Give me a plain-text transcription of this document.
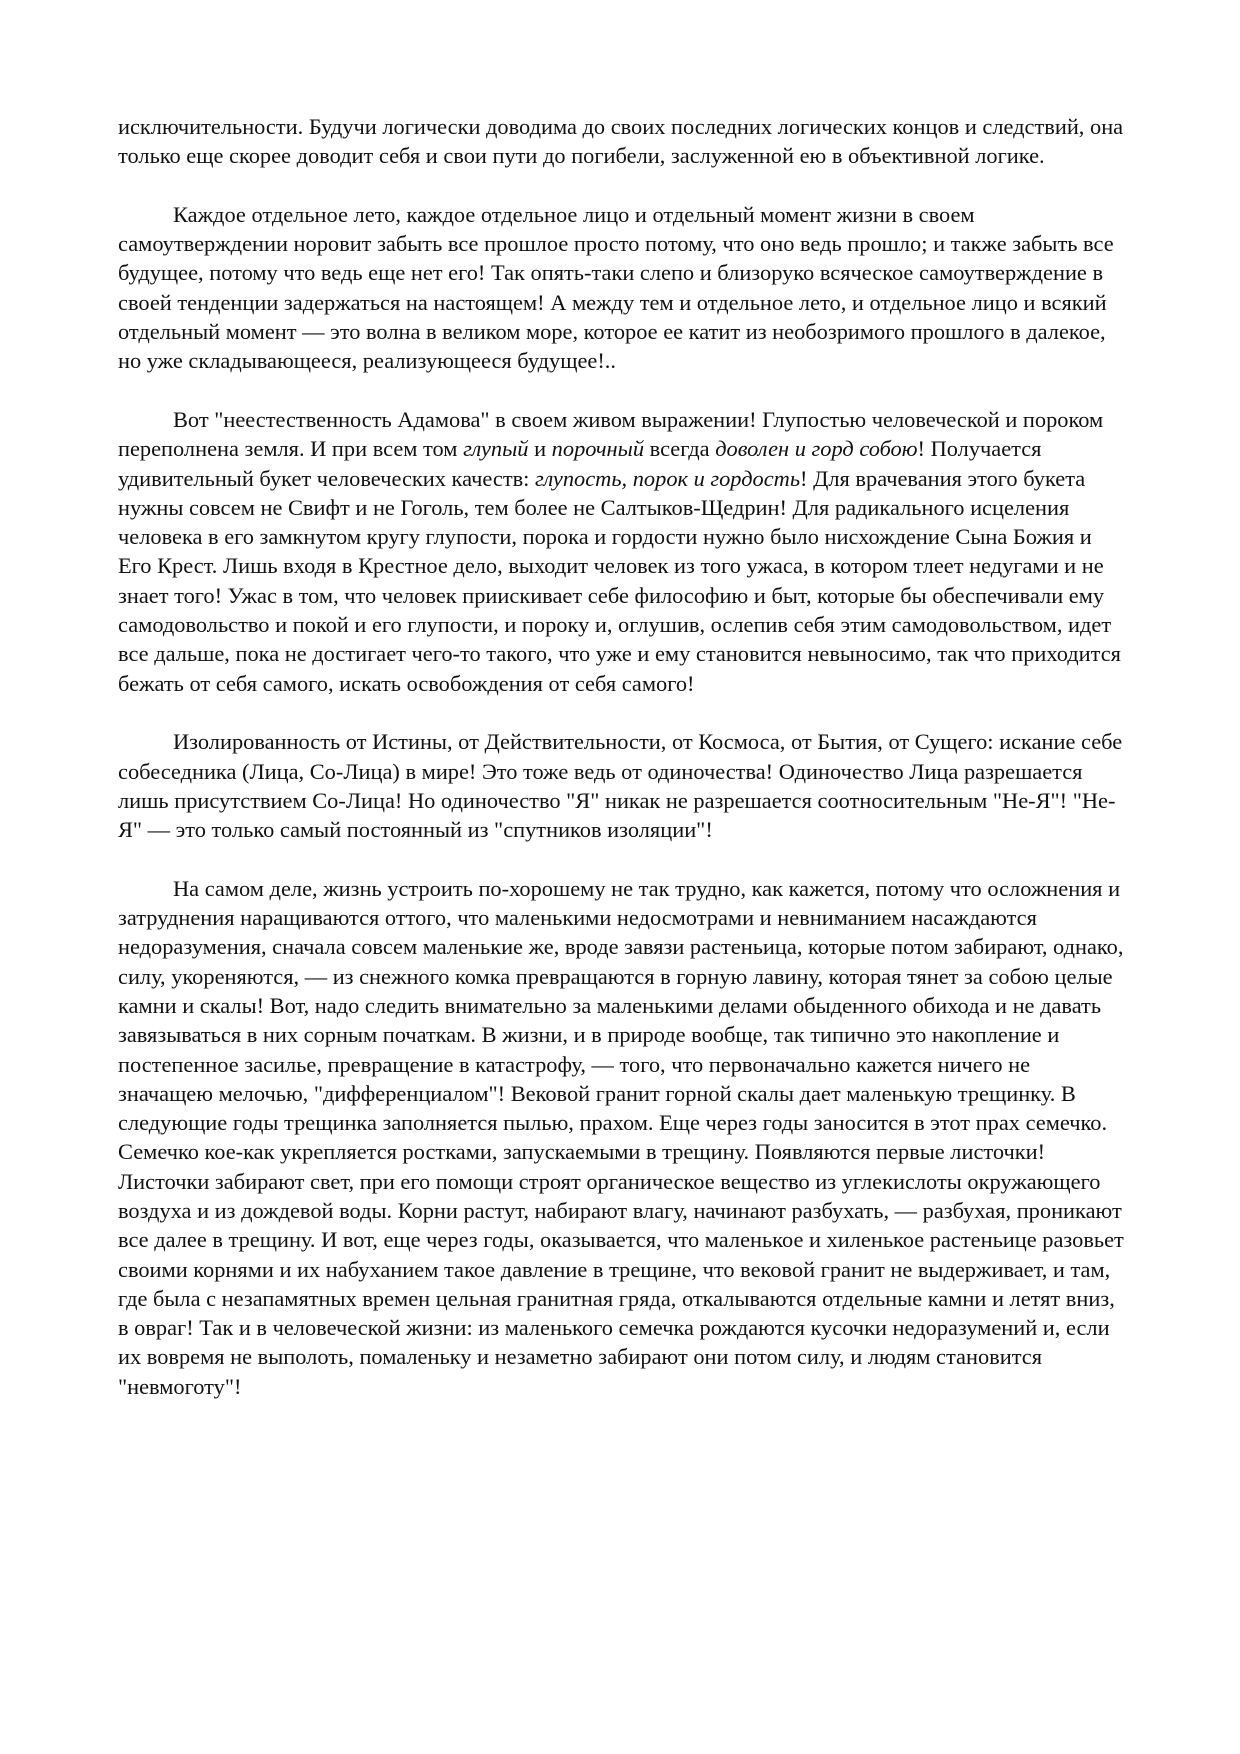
исключительности. Будучи логически доводима до своих последних логических концов и следствий, она только еще скорее доводит себя и свои пути до погибели, заслуженной ею в объективной логике.

Каждое отдельное лето, каждое отдельное лицо и отдельный момент жизни в своем самоутверждении норовит забыть все прошлое просто потому, что оно ведь прошло; и также забыть все будущее, потому что ведь еще нет его! Так опять-таки слепо и близоруко всяческое самоутверждение в своей тенденции задержаться на настоящем! А между тем и отдельное лето, и отдельное лицо и всякий отдельный момент — это волна в великом море, которое ее катит из необозримого прошлого в далекое, но уже складывающееся, реализующееся будущее!..

Вот "неестественность Адамова" в своем живом выражении! Глупостью человеческой и пороком переполнена земля. И при всем том глупый и порочный всегда доволен и горд собою! Получается удивительный букет человеческих качеств: глупость, порок и гордость! Для врачевания этого букета нужны совсем не Свифт и не Гоголь, тем более не Салтыков-Щедрин! Для радикального исцеления человека в его замкнутом кругу глупости, порока и гордости нужно было нисхождение Сына Божия и Его Крест. Лишь входя в Крестное дело, выходит человек из того ужаса, в котором тлеет недугами и не знает того! Ужас в том, что человек приискивает себе философию и быт, которые бы обеспечивали ему самодовольство и покой и его глупости, и пороку и, оглушив, ослепив себя этим самодовольством, идет все дальше, пока не достигает чего-то такого, что уже и ему становится невыносимо, так что приходится бежать от себя самого, искать освобождения от себя самого!

Изолированность от Истины, от Действительности, от Космоса, от Бытия, от Сущего: искание себе собеседника (Лица, Со-Лица) в мире! Это тоже ведь от одиночества! Одиночество Лица разрешается лишь присутствием Со-Лица! Но одиночество "Я" никак не разрешается соотносительным "Не-Я"! "Не-Я" — это только самый постоянный из "спутников изоляции"!

На самом деле, жизнь устроить по-хорошему не так трудно, как кажется, потому что осложнения и затруднения наращиваются оттого, что маленькими недосмотрами и невниманием насаждаются недоразумения, сначала совсем маленькие же, вроде завязи растеньица, которые потом забирают, однако, силу, укореняются, — из снежного комка превращаются в горную лавину, которая тянет за собою целые камни и скалы! Вот, надо следить внимательно за маленькими делами обыденного обихода и не давать завязываться в них сорным початкам. В жизни, и в природе вообще, так типично это накопление и постепенное засилье, превращение в катастрофу, — того, что первоначально кажется ничего не значащею мелочью, "дифференциалом"! Вековой гранит горной скалы дает маленькую трещинку. В следующие годы трещинка заполняется пылью, прахом. Еще через годы заносится в этот прах семечко. Семечко кое-как укрепляется ростками, запускаемыми в трещину. Появляются первые листочки! Листочки забирают свет, при его помощи строят органическое вещество из углекислоты окружающего воздуха и из дождевой воды. Корни растут, набирают влагу, начинают разбухать, — разбухая, проникают все далее в трещину. И вот, еще через годы, оказывается, что маленькое и хиленькое растеньице разовьет своими корнями и их набуханием такое давление в трещине, что вековой гранит не выдерживает, и там, где была с незапамятных времен цельная гранитная гряда, откалываются отдельные камни и летят вниз, в овраг! Так и в человеческой жизни: из маленького семечка рождаются кусочки недоразумений и, если их вовремя не выполоть, помаленьку и незаметно забирают они потом силу, и людям становится "невмоготу"!
